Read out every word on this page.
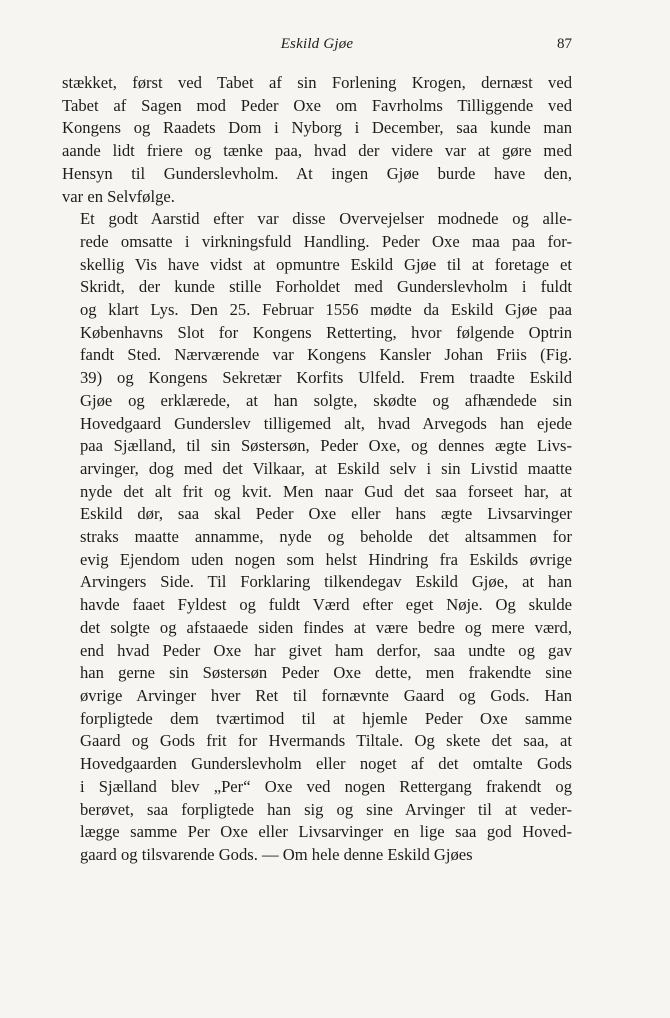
Eskild Gjøe	87

stækket, først ved Tabet af sin Forlening Krogen, dernæst ved
Tabet af Sagen mod Peder Oxe om Favrholms Tilliggende ved
Kongens og Raadets Dom i Nyborg i December, saa kunde man
aande lidt friere og tænke paa, hvad der videre var at gøre med
Hensyn til Gunderslevholm. At ingen Gjøe burde have den,
var en Selvfølge.

Et godt Aarstid efter var disse Overvejelser modnede og alle-
rede omsatte i virkningsfuld Handling. Peder Oxe maa paa for-
skellig Vis have vidst at opmuntre Eskild Gjøe til at foretage et
Skridt, der kunde stille Forholdet med Gunderslevholm i fuldt
og klart Lys. Den 25. Februar 1556 mødte da Eskild Gjøe paa
Københavns Slot for Kongens Retterting, hvor følgende Optrin
fandt Sted. Nærværende var Kongens Kansler Johan Friis (Fig.
39) og Kongens Sekretær Korfits Ulfeld. Frem traadte Eskild
Gjøe og erklærede, at han solgte, skødte og afhændede sin
Hovedgaard Gunderslev tilligemed alt, hvad Arvegods han ejede
paa Sjælland, til sin Søstersøn, Peder Oxe, og dennes ægte Livs-
arvinger, dog med det Vilkaar, at Eskild selv i sin Livstid maatte
nyde det alt frit og kvit. Men naar Gud det saa forseet har, at
Eskild dør, saa skal Peder Oxe eller hans ægte Livsarvinger
straks maatte annamme, nyde og beholde det altsammen for
evig Ejendom uden nogen som helst Hindring fra Eskilds øvrige
Arvingers Side. Til Forklaring tilkendegav Eskild Gjøe, at han
havde faaet Fyldest og fuldt Værd efter eget Nøje. Og skulde
det solgte og afstaaede siden findes at være bedre og mere værd,
end hvad Peder Oxe har givet ham derfor, saa undte og gav
han gerne sin Søstersøn Peder Oxe dette, men frakendte sine
øvrige Arvinger hver Ret til fornævnte Gaard og Gods. Han
forpligtede dem tværtimod til at hjemle Peder Oxe samme
Gaard og Gods frit for Hvermands Tiltale. Og skete det saa, at
Hovedgaarden Gunderslevholm eller noget af det omtalte Gods
i Sjælland blev „Per“ Oxe ved nogen Rettergang frakendt og
berøvet, saa forpligtede han sig og sine Arvinger til at veder-
lægge samme Per Oxe eller Livsarvinger en lige saa god Hoved-
gaard og tilsvarende Gods. — Om hele denne Eskild Gjøes
